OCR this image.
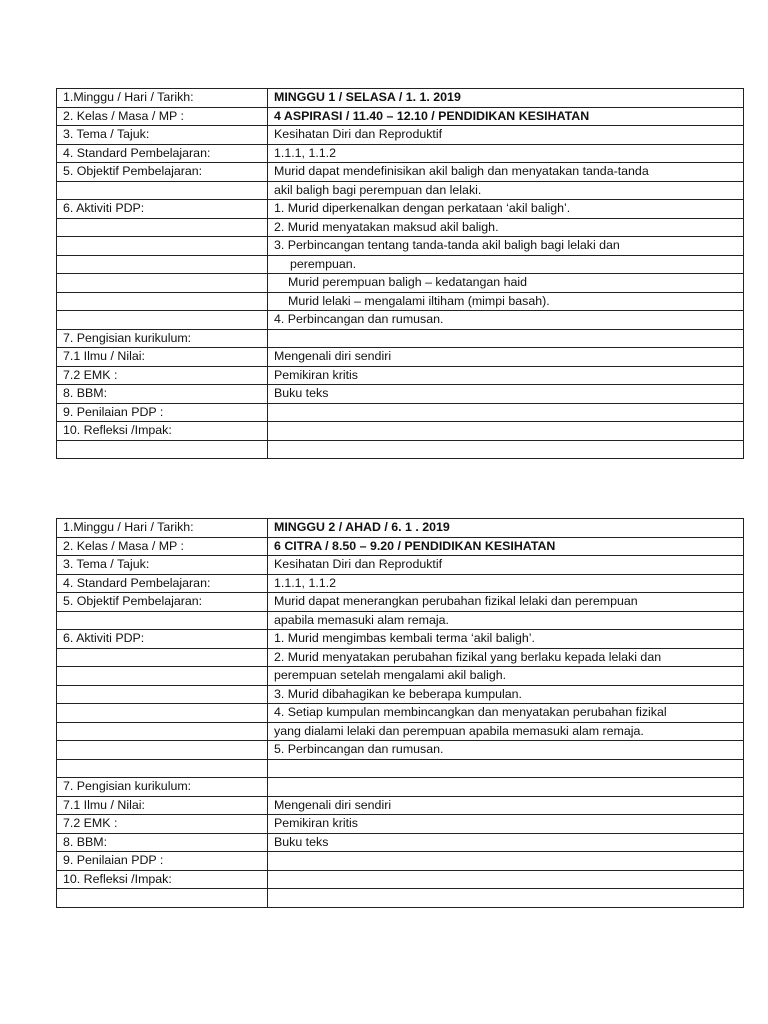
1.Minggu / Hari / Tarikh:	MINGGU 1 / SELASA / 1. 1. 2019
2. Kelas / Masa / MP :	4 ASPIRASI / 11.40 – 12.10 / PENDIDIKAN KESIHATAN
3. Tema / Tajuk:	Kesihatan Diri dan Reproduktif
4. Standard Pembelajaran:	1.1.1, 1.1.2
5. Objektif Pembelajaran:	Murid dapat mendefinisikan akil baligh dan menyatakan tanda-tanda
	akil baligh bagi perempuan dan lelaki.
6. Aktiviti PDP:	1. Murid diperkenalkan dengan perkataan ‘akil baligh’.
	2. Murid menyatakan maksud akil baligh.
	3. Perbincangan tentang tanda-tanda akil baligh bagi lelaki dan
	perempuan.
	Murid perempuan baligh – kedatangan haid
	Murid lelaki – mengalami iltiham (mimpi basah).
	4. Perbincangan dan rumusan.
7. Pengisian kurikulum:	
7.1 Ilmu / Nilai:	Mengenali diri sendiri
7.2 EMK :	Pemikiran kritis
8. BBM:	Buku teks
9. Penilaian PDP :	
10. Refleksi /Impak:	

1.Minggu / Hari / Tarikh:	MINGGU 2 / AHAD / 6. 1 . 2019
2. Kelas / Masa / MP :	6 CITRA / 8.50 – 9.20 / PENDIDIKAN KESIHATAN
3. Tema / Tajuk:	Kesihatan Diri dan Reproduktif
4. Standard Pembelajaran:	1.1.1, 1.1.2
5. Objektif Pembelajaran:	Murid dapat menerangkan perubahan fizikal lelaki dan perempuan
	apabila memasuki alam remaja.
6. Aktiviti PDP:	1. Murid mengimbas kembali terma ‘akil baligh’.
	2. Murid menyatakan perubahan fizikal yang berlaku kepada lelaki dan
	perempuan setelah mengalami akil baligh.
	3. Murid dibahagikan ke beberapa kumpulan.
	4. Setiap kumpulan membincangkan dan menyatakan perubahan fizikal
	yang dialami lelaki dan perempuan apabila memasuki alam remaja.
	5. Perbincangan dan rumusan.

7. Pengisian kurikulum:	
7.1 Ilmu / Nilai:	Mengenali diri sendiri
7.2 EMK :	Pemikiran kritis
8. BBM:	Buku teks
9. Penilaian PDP :	
10. Refleksi /Impak:	
